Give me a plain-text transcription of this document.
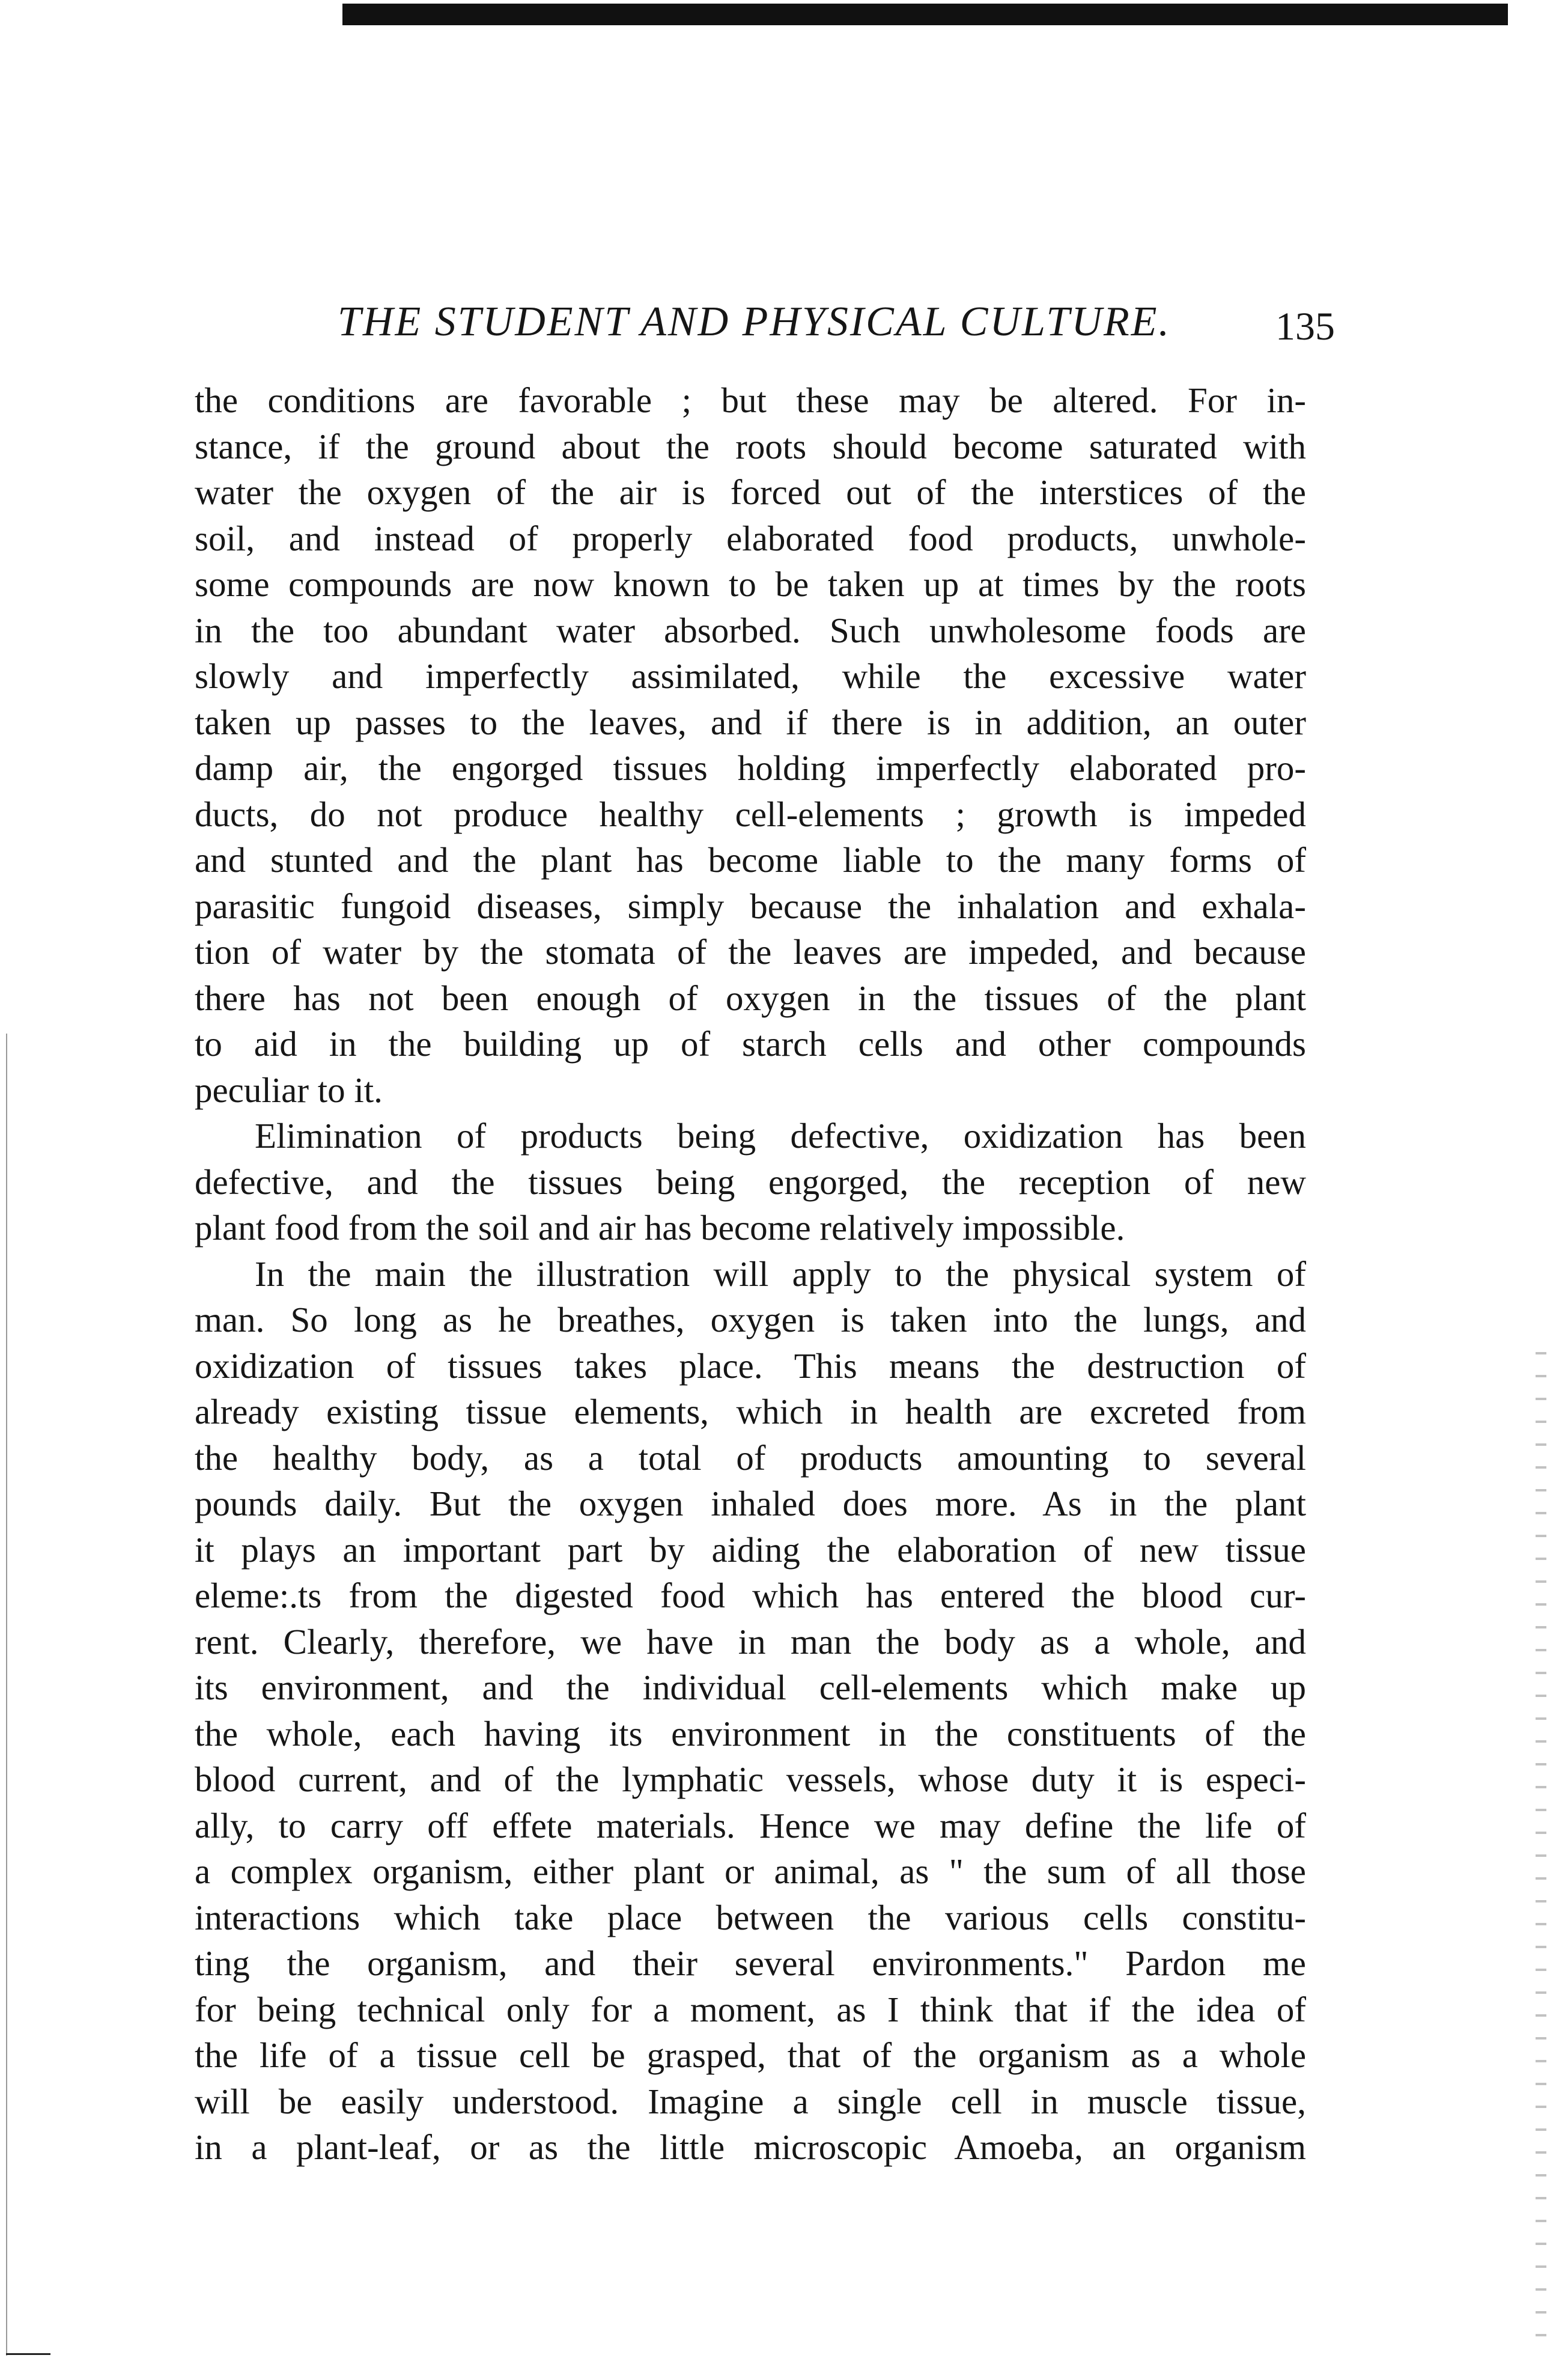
THE STUDENT AND PHYSICAL CULTURE.	135
the conditions are favorable ; but these may be altered. For in-
stance, if the ground about the roots should become saturated with
water the oxygen of the air is forced out of the interstices of the
soil, and instead of properly elaborated food products, unwhole-
some compounds are now known to be taken up at times by the roots
in the too abundant water absorbed. Such unwholesome foods are
slowly and imperfectly assimilated, while the excessive water
taken up passes to the leaves, and if there is in addition, an outer
damp air, the engorged tissues holding imperfectly elaborated pro-
ducts, do not produce healthy cell-elements ; growth is impeded
and stunted and the plant has become liable to the many forms of
parasitic fungoid diseases, simply because the inhalation and exhala-
tion of water by the stomata of the leaves are impeded, and because
there has not been enough of oxygen in the tissues of the plant
to aid in the building up of starch cells and other compounds
peculiar to it.
Elimination of products being defective, oxidization has been
defective, and the tissues being engorged, the reception of new
plant food from the soil and air has become relatively impossible.
In the main the illustration will apply to the physical system of
man. So long as he breathes, oxygen is taken into the lungs, and
oxidization of tissues takes place. This means the destruction of
already existing tissue elements, which in health are excreted from
the healthy body, as a total of products amounting to several
pounds daily. But the oxygen inhaled does more. As in the plant
it plays an important part by aiding the elaboration of new tissue
eleme:.ts from the digested food which has entered the blood cur-
rent. Clearly, therefore, we have in man the body as a whole, and
its environment, and the individual cell-elements which make up
the whole, each having its environment in the constituents of the
blood current, and of the lymphatic vessels, whose duty it is especi-
ally, to carry off effete materials. Hence we may define the life of
a complex organism, either plant or animal, as " the sum of all those
interactions which take place between the various cells constitu-
ting the organism, and their several environments." Pardon me
for being technical only for a moment, as I think that if the idea of
the life of a tissue cell be grasped, that of the organism as a whole
will be easily understood. Imagine a single cell in muscle tissue,
in a plant-leaf, or as the little microscopic Amoeba, an organism
